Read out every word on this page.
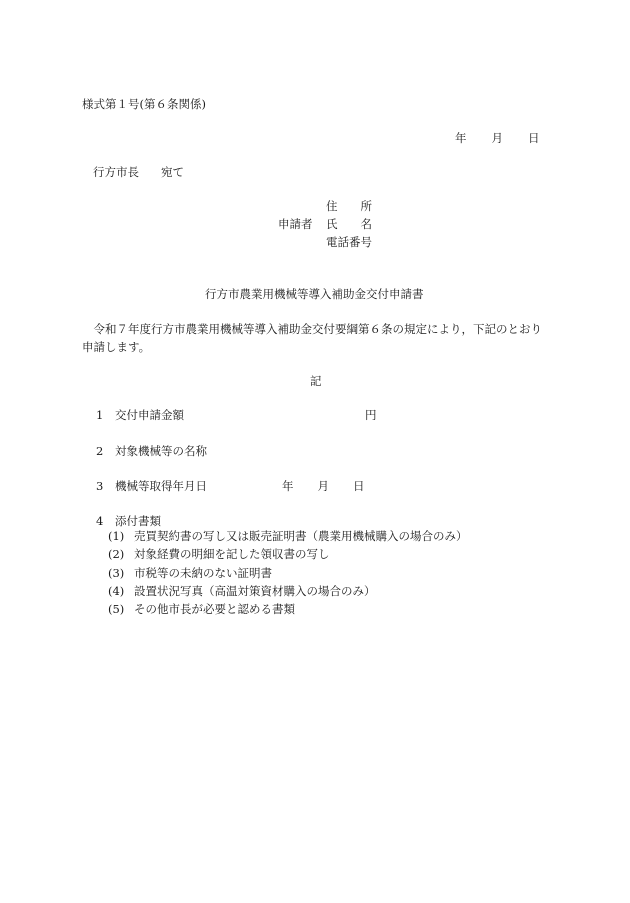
様式第１号(第６条関係)
年 月 日
行方市長 宛て
住　　所
申請者 氏　　名
電話番号
行方市農業用機械等導入補助金交付申請書
　令和７年度行方市農業用機械等導入補助金交付要綱第６条の規定により，下記のとおり申請します。
記
1 交付申請金額	円
2 対象機械等の名称
3 機械等取得年月日	年 月 日
4 添付書類
(1) 売買契約書の写し又は販売証明書（農業用機械購入の場合のみ）
(2) 対象経費の明細を記した領収書の写し
(3) 市税等の未納のない証明書
(4) 設置状況写真（高温対策資材購入の場合のみ）
(5) その他市長が必要と認める書類
